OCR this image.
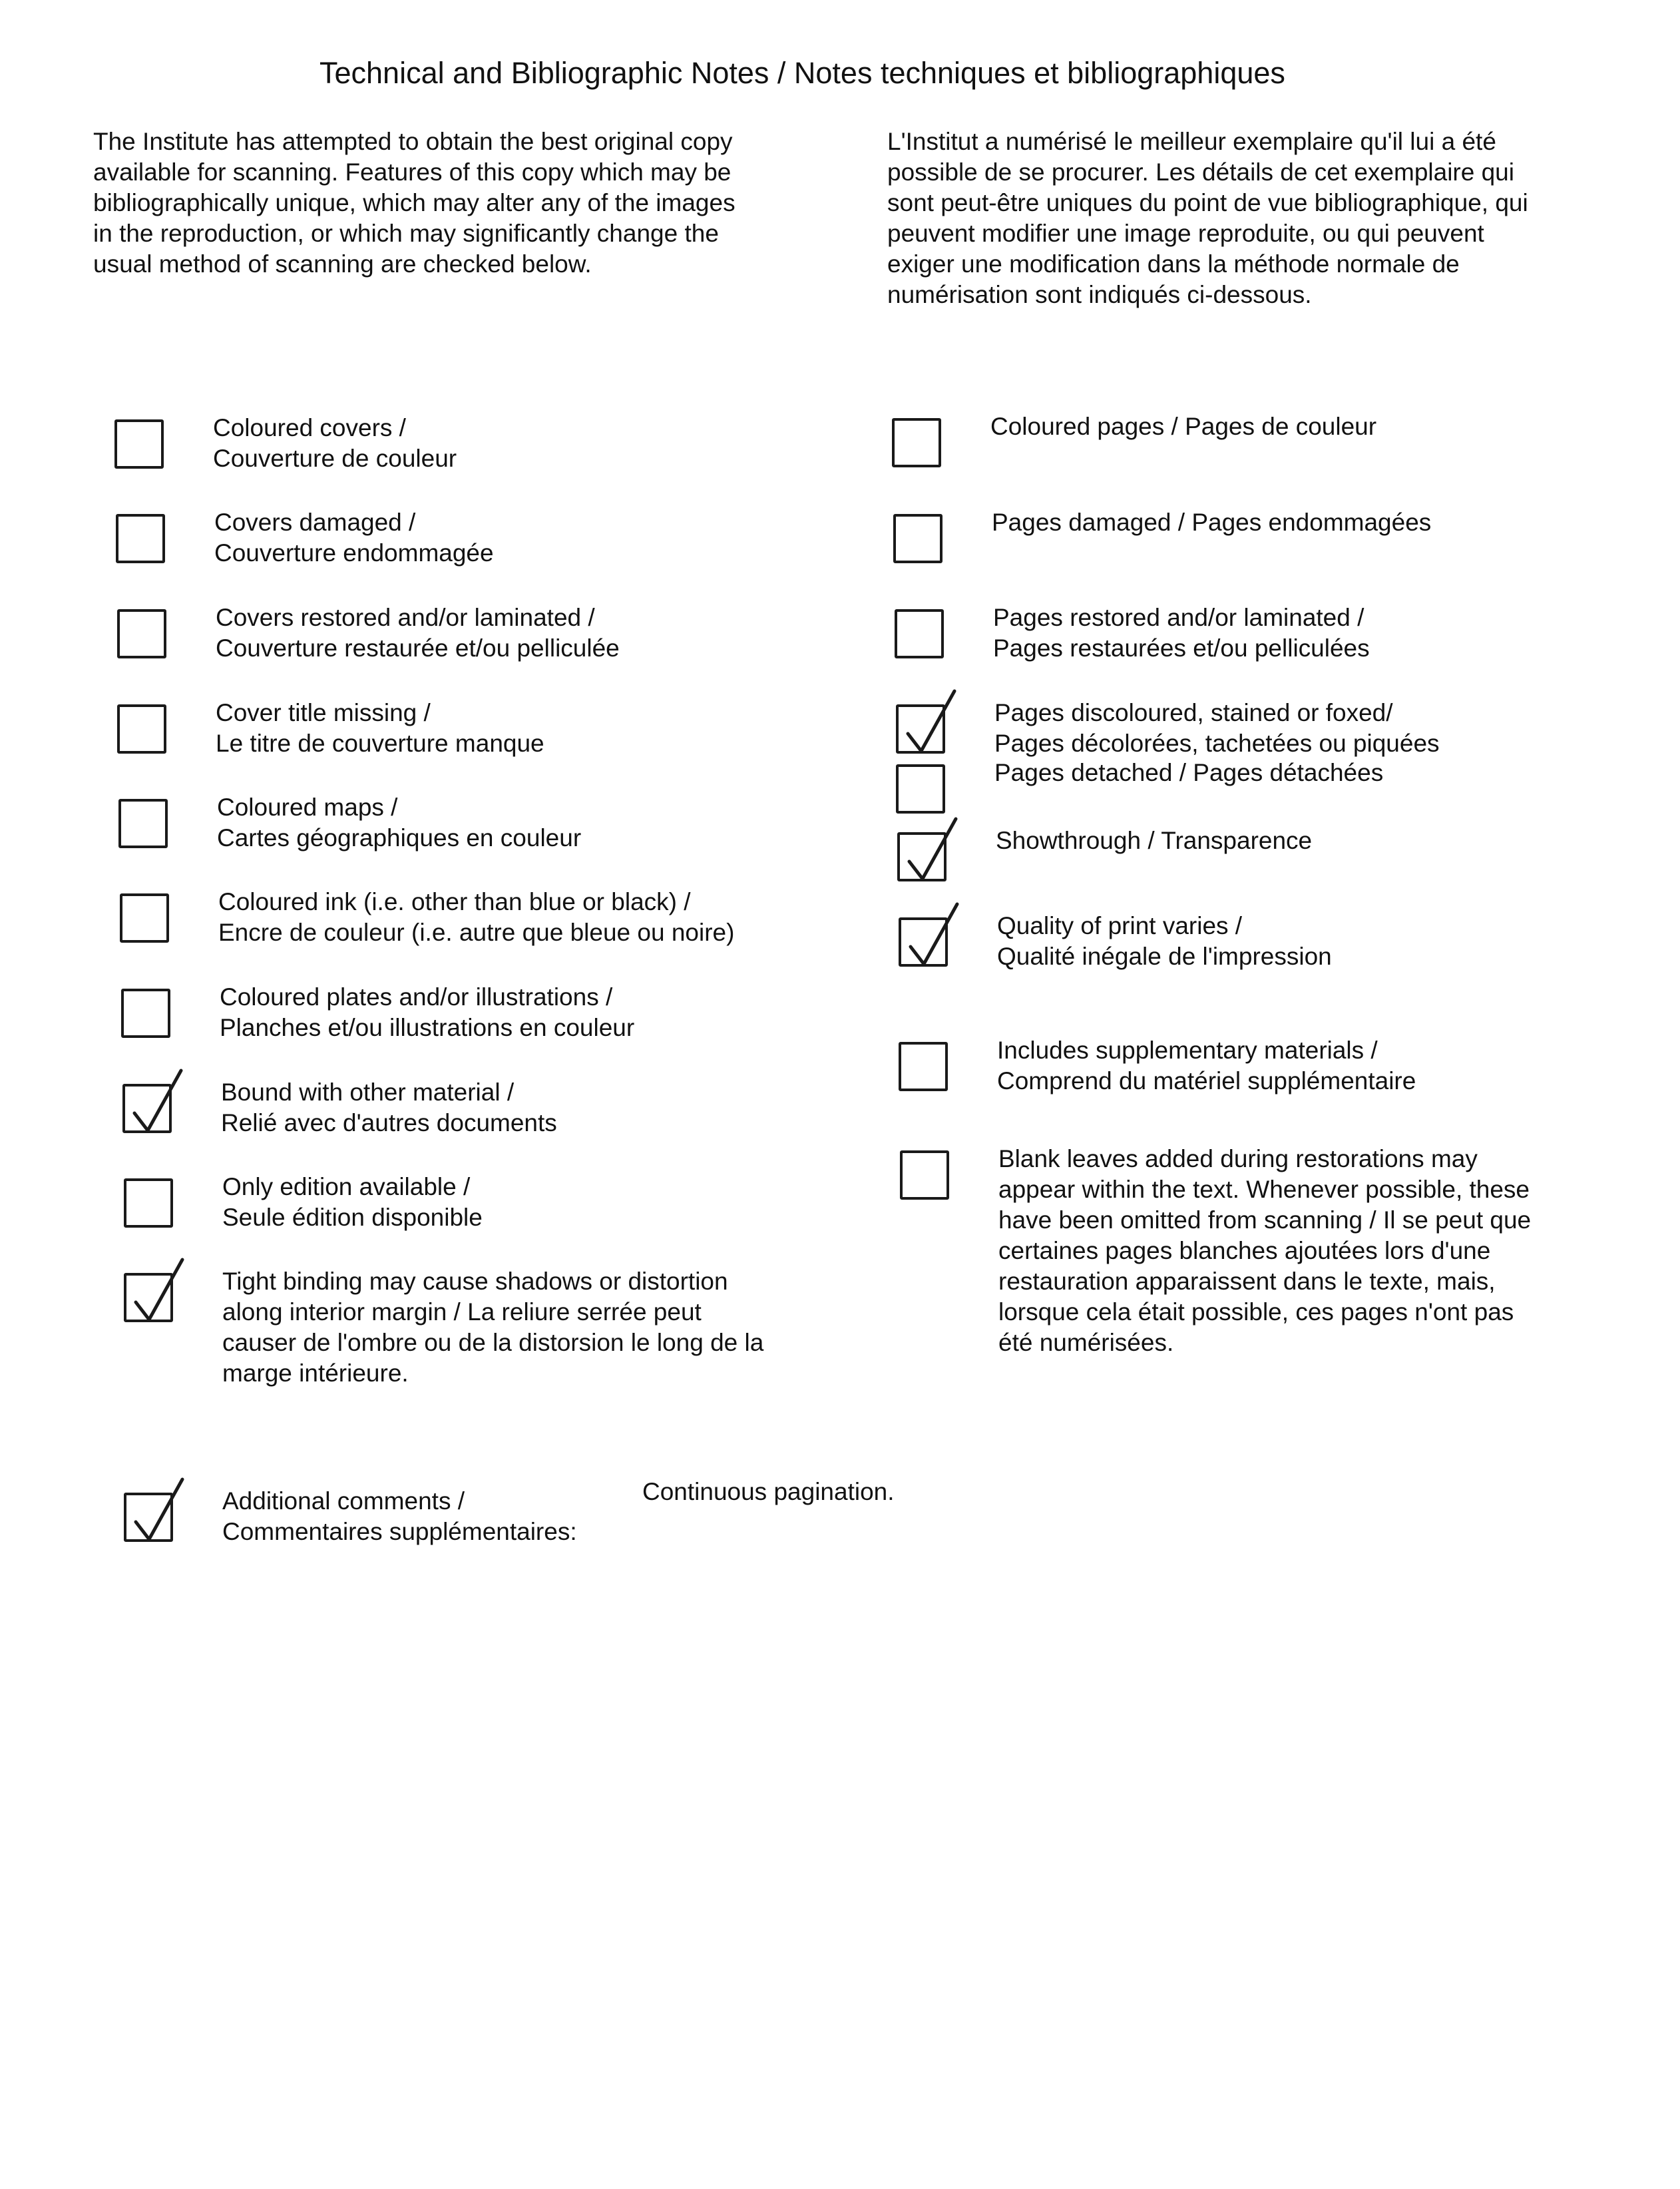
Technical and Bibliographic Notes / Notes techniques et bibliographiques
The Institute has attempted to obtain the best original copy
available for scanning. Features of this copy which may be
bibliographically unique, which may alter any of the images
in the reproduction, or which may significantly change the
usual method of scanning are checked below.
L'Institut a numérisé le meilleur exemplaire qu'il lui a été
possible de se procurer. Les détails de cet exemplaire qui
sont peut-être uniques du point de vue bibliographique, qui
peuvent modifier une image reproduite, ou qui peuvent
exiger une modification dans la méthode normale de
numérisation sont indiqués ci-dessous.
Coloured covers /
Couverture de couleur
Covers damaged /
Couverture endommagée
Covers restored and/or laminated /
Couverture restaurée et/ou pelliculée
Cover title missing /
Le titre de couverture manque
Coloured maps /
Cartes géographiques en couleur
Coloured ink (i.e. other than blue or black) /
Encre de couleur (i.e. autre que bleue ou noire)
Coloured plates and/or illustrations /
Planches et/ou illustrations en couleur
Bound with other material /
Relié avec d'autres documents
Only edition available /
Seule édition disponible
Tight binding may cause shadows or distortion
along interior margin / La reliure serrée peut
causer de l'ombre ou de la distorsion le long de la
marge intérieure.
Coloured pages / Pages de couleur
Pages damaged / Pages endommagées
Pages restored and/or laminated /
Pages restaurées et/ou pelliculées
Pages discoloured, stained or foxed/
Pages décolorées, tachetées ou piquées
Pages detached / Pages détachées
Showthrough / Transparence
Quality of print varies /
Qualité inégale de l'impression
Includes supplementary materials /
Comprend du matériel supplémentaire
Blank leaves added during restorations may
appear within the text. Whenever possible, these
have been omitted from scanning / Il se peut que
certaines pages blanches ajoutées lors d'une
restauration apparaissent dans le texte, mais,
lorsque cela était possible, ces pages n'ont pas
été numérisées.
Additional comments /
Commentaires supplémentaires:
Continuous pagination.
